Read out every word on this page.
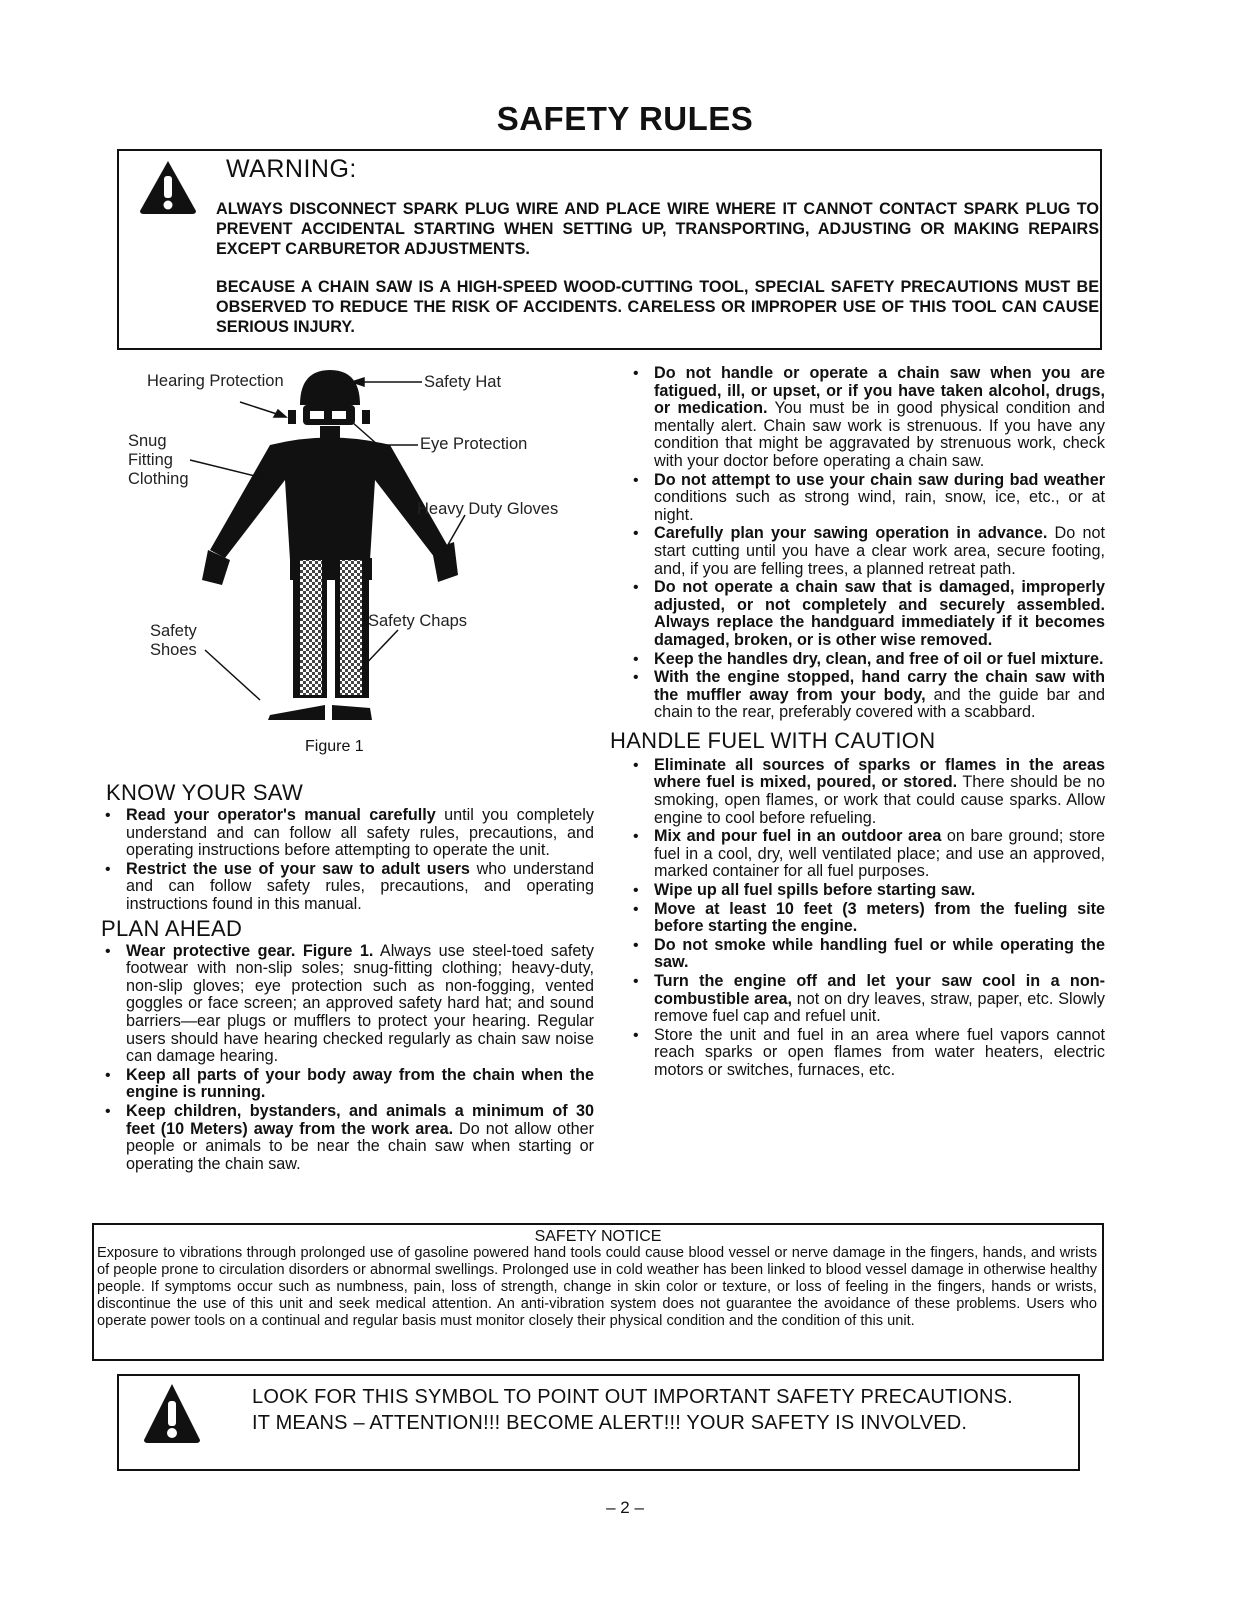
SAFETY RULES
WARNING:

ALWAYS DISCONNECT SPARK PLUG WIRE AND PLACE WIRE WHERE IT CANNOT CONTACT SPARK PLUG TO PREVENT ACCIDENTAL STARTING WHEN SETTING UP, TRANSPORTING, ADJUSTING OR MAKING REPAIRS EXCEPT CARBURETOR ADJUSTMENTS.

BECAUSE A CHAIN SAW IS A HIGH-SPEED WOOD-CUTTING TOOL, SPECIAL SAFETY PRECAUTIONS MUST BE OBSERVED TO REDUCE THE RISK OF ACCIDENTS. CARELESS OR IMPROPER USE OF THIS TOOL CAN CAUSE SERIOUS INJURY.

Hearing Protection	Safety Hat
Snug Fitting Clothing
Eye Protection
Heavy Duty Gloves
Safety Chaps
Safety Shoes
Figure 1
KNOW YOUR SAW
• Read your operator's manual carefully until you completely understand and can follow all safety rules, precautions, and operating instructions before attempting to operate the unit.
• Restrict the use of your saw to adult users who understand and can follow safety rules, precautions, and operating instructions found in this manual.
PLAN AHEAD
• Wear protective gear. Figure 1. Always use steel-toed safety footwear with non-slip soles; snug-fitting clothing; heavy-duty, non-slip gloves; eye protection such as non-fogging, vented goggles or face screen; an approved safety hard hat; and sound barriers—ear plugs or mufflers to protect your hearing. Regular users should have hearing checked regularly as chain saw noise can damage hearing.
• Keep all parts of your body away from the chain when the engine is running.
• Keep children, bystanders, and animals a minimum of 30 feet (10 Meters) away from the work area. Do not allow other people or animals to be near the chain saw when starting or operating the chain saw.
• Do not handle or operate a chain saw when you are fatigued, ill, or upset, or if you have taken alcohol, drugs, or medication. You must be in good physical condition and mentally alert. Chain saw work is strenuous. If you have any condition that might be aggravated by strenuous work, check with your doctor before operating a chain saw.
• Do not attempt to use your chain saw during bad weather conditions such as strong wind, rain, snow, ice, etc., or at night.
• Carefully plan your sawing operation in advance. Do not start cutting until you have a clear work area, secure footing, and, if you are felling trees, a planned retreat path.
• Do not operate a chain saw that is damaged, improperly adjusted, or not completely and securely assembled. Always replace the handguard immediately if it becomes damaged, broken, or is other wise removed.
• Keep the handles dry, clean, and free of oil or fuel mixture.
• With the engine stopped, hand carry the chain saw with the muffler away from your body, and the guide bar and chain to the rear, preferably covered with a scabbard.
HANDLE FUEL WITH CAUTION
• Eliminate all sources of sparks or flames in the areas where fuel is mixed, poured, or stored. There should be no smoking, open flames, or work that could cause sparks. Allow engine to cool before refueling.
• Mix and pour fuel in an outdoor area on bare ground; store fuel in a cool, dry, well ventilated place; and use an approved, marked container for all fuel purposes.
• Wipe up all fuel spills before starting saw.
• Move at least 10 feet (3 meters) from the fueling site before starting the engine.
• Do not smoke while handling fuel or while operating the saw.
• Turn the engine off and let your saw cool in a non-combustible area, not on dry leaves, straw, paper, etc. Slowly remove fuel cap and refuel unit.
• Store the unit and fuel in an area where fuel vapors cannot reach sparks or open flames from water heaters, electric motors or switches, furnaces, etc.
SAFETY NOTICE

Exposure to vibrations through prolonged use of gasoline powered hand tools could cause blood vessel or nerve damage in the fingers, hands, and wrists of people prone to circulation disorders or abnormal swellings. Prolonged use in cold weather has been linked to blood vessel damage in otherwise healthy people. If symptoms occur such as numbness, pain, loss of strength, change in skin color or texture, or loss of feeling in the fingers, hands or wrists, discontinue the use of this unit and seek medical attention. An anti-vibration system does not guarantee the avoidance of these problems. Users who operate power tools on a continual and regular basis must monitor closely their physical condition and the condition of this unit.

LOOK FOR THIS SYMBOL TO POINT OUT IMPORTANT SAFETY PRECAUTIONS.
IT MEANS – ATTENTION!!! BECOME ALERT!!! YOUR SAFETY IS INVOLVED.
– 2 –
